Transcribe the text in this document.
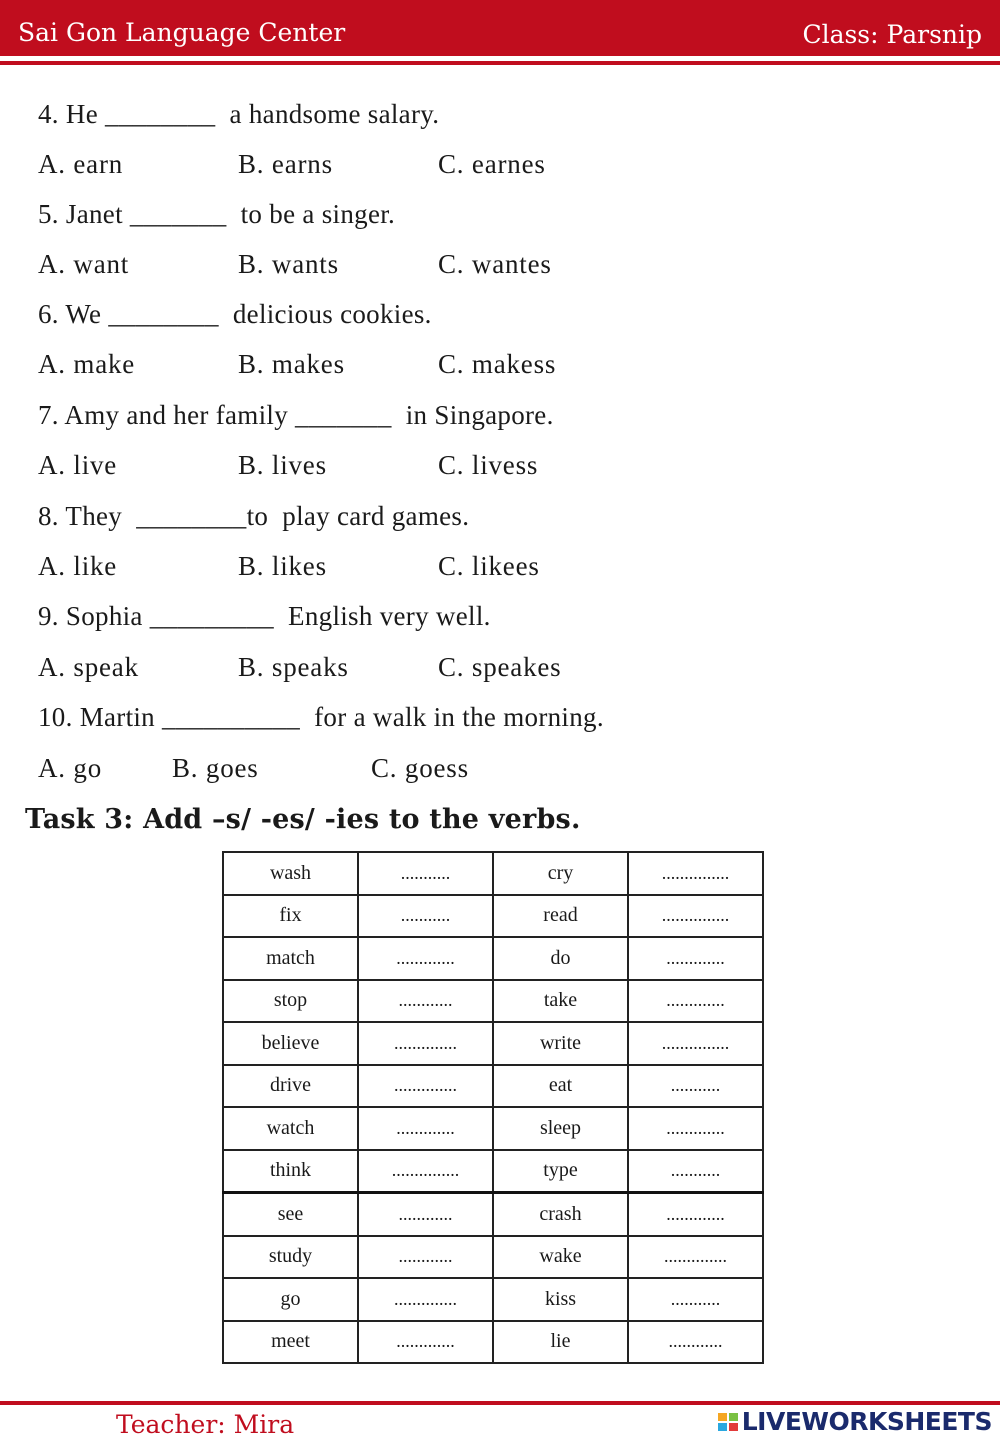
Sai Gon Language Center	Class: Parsnip
4. He ________  a handsome salary.
A. earn	B. earns	C. earnes
5. Janet _______  to be a singer.
A. want	B. wants	C. wantes
6. We ________  delicious cookies.
A. make	B. makes	C. makess
7. Amy and her family _______  in Singapore.
A. live	B. lives	C. livess
8. They  ________to  play card games.
A. like	B. likes	C. likees
9. Sophia _________  English very well.
A. speak	B. speaks	C. speakes
10. Martin __________  for a walk in the morning.
A. go	B. goes	C. goess
Task 3: Add –s/ -es/ -ies to the verbs.
wash	...........	cry	...............
fix	...........	read	...............
match	.............	do	.............
stop	............	take	.............
believe	..............	write	...............
drive	..............	eat	...........
watch	.............	sleep	.............
think	...............	type	...........
see	............	crash	.............
study	............	wake	..............
go	..............	kiss	...........
meet	.............	lie	............
Teacher: Mira	LIVEWORKSHEETS
